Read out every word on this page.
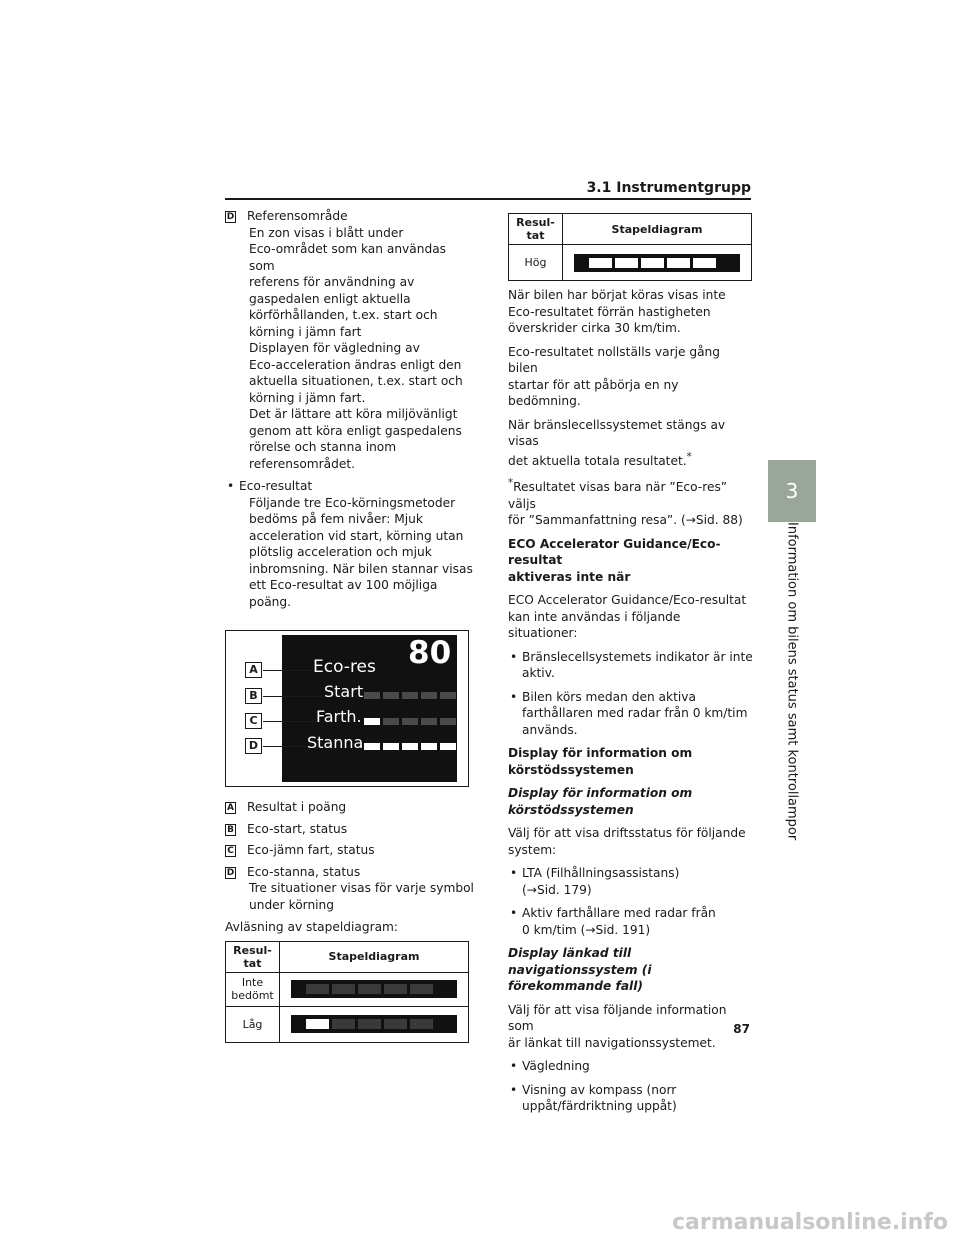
3.1 Instrumentgrupp
3
Information om bilens status samt kontrollampor
D Referensområde
En zon visas i blått under
Eco-området som kan användas som
referens för användning av
gaspedalen enligt aktuella
körförhållanden, t.ex. start och
körning i jämn fart
Displayen för vägledning av
Eco-acceleration ändras enligt den
aktuella situationen, t.ex. start och
körning i jämn fart.
Det är lättare att köra miljövänligt
genom att köra enligt gaspedalens
rörelse och stanna inom
referensområdet.
• Eco-resultat
Följande tre Eco-körningsmetoder
bedöms på fem nivåer: Mjuk
acceleration vid start, körning utan
plötslig acceleration och mjuk
inbromsning. När bilen stannar visas
ett Eco-resultat av 100 möjliga poäng.
Eco-res 80
Start
Farth.
Stanna
A
B
C
D
A Resultat i poäng
B Eco-start, status
C Eco-jämn fart, status
D Eco-stanna, status
Tre situationer visas för varje symbol
under körning
Avläsning av stapeldiagram:
Resul-
tat	Stapeldiagram

Inte
bedömt	

Låg	

Resul-
tat	Stapeldiagram

Hög	

När bilen har börjat köras visas inte
Eco-resultatet förrän hastigheten
överskrider cirka 30 km/tim.
Eco-resultatet nollställs varje gång bilen
startar för att påbörja en ny bedömning.
När bränslecellssystemet stängs av visas
det aktuella totala resultatet.*
*Resultatet visas bara när ”Eco-res” väljs
för ”Sammanfattning resa”. (→Sid. 88)
ECO Accelerator Guidance/Eco-resultat
aktiveras inte när
ECO Accelerator Guidance/Eco-resultat
kan inte användas i följande situationer:
• Bränslecellsystemets indikator är inte
aktiv.
• Bilen körs medan den aktiva
farthållaren med radar från 0 km/tim
används.
Display för information om
körstödssystemen
Display för information om
körstödssystemen
Välj för att visa driftsstatus för följande
system:
• LTA (Filhållningsassistans)
(→Sid. 179)
• Aktiv farthållare med radar från
0 km/tim (→Sid. 191)
Display länkad till navigationssystem (i
förekommande fall)
Välj för att visa följande information som
är länkat till navigationssystemet.
• Vägledning
• Visning av kompass (norr
uppåt/färdriktning uppåt)
87
carmanualsonline.info
